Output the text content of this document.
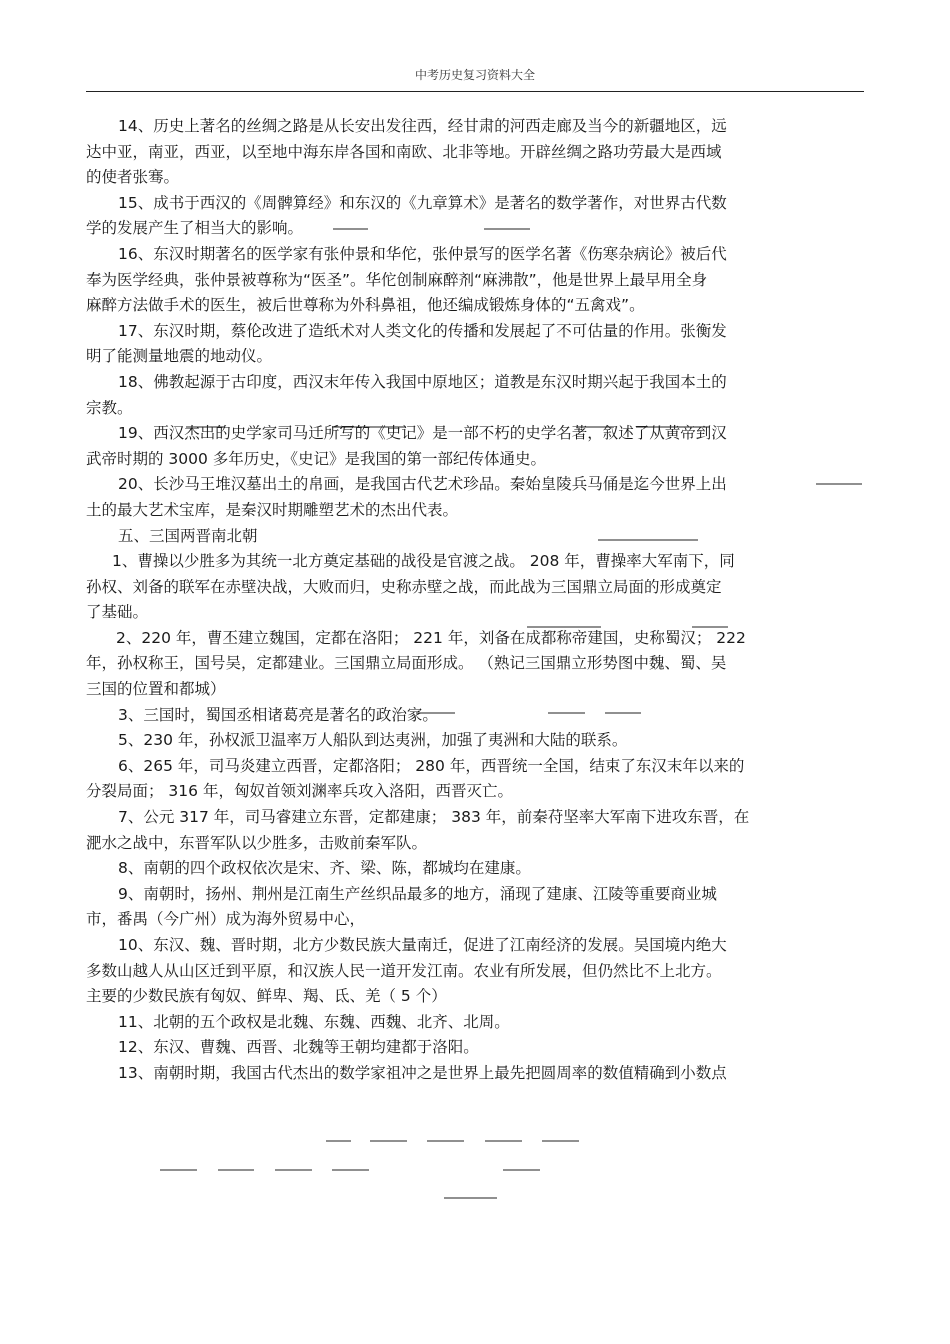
中考历史复习资料大全

14、历史上著名的丝绸之路是从长安出发往西，经甘肃的河西走廊及当今的新疆地区，远

达中亚，南亚，西亚，以至地中海东岸各国和南欧、北非等地。开辟丝绸之路功劳最大是西域

的使者张骞。

15、成书于西汉的《周髀算经》和东汉的《九章算术》是著名的数学著作，对世界古代数

学的发展产生了相当大的影响。

16、东汉时期著名的医学家有张仲景和华佗，张仲景写的医学名著《伤寒杂病论》被后代

奉为医学经典，张仲景被尊称为“医圣”。华佗创制麻醉剂“麻沸散”，他是世界上最早用全身

麻醉方法做手术的医生，被后世尊称为外科鼻祖，他还编成锻炼身体的“五禽戏”。

17、东汉时期，蔡伦改进了造纸术对人类文化的传播和发展起了不可估量的作用。张衡发

明了能测量地震的地动仪。

18、佛教起源于古印度，西汉末年传入我国中原地区；道教是东汉时期兴起于我国本土的

宗教。

19、西汉杰出的史学家司马迁所写的《史记》是一部不朽的史学名著，叙述了从黄帝到汉

武帝时期的 3000 多年历史，《史记》是我国的第一部纪传体通史。

20、长沙马王堆汉墓出土的帛画，是我国古代艺术珍品。秦始皇陵兵马俑是迄今世界上出

土的最大艺术宝库，是秦汉时期雕塑艺术的杰出代表。

五、三国两晋南北朝

1、曹操以少胜多为其统一北方奠定基础的战役是官渡之战。 208 年，曹操率大军南下，同

孙权、刘备的联军在赤壁决战，大败而归，史称赤壁之战，而此战为三国鼎立局面的形成奠定

了基础。

2、220 年，曹丕建立魏国，定都在洛阳； 221 年，刘备在成都称帝建国，史称蜀汉； 222

年，孙权称王，国号吴，定都建业。三国鼎立局面形成。 （熟记三国鼎立形势图中魏、蜀、吴

三国的位置和都城）

3、三国时，蜀国丞相诸葛亮是著名的政治家。

5、230 年，孙权派卫温率万人船队到达夷洲，加强了夷洲和大陆的联系。

6、265 年，司马炎建立西晋，定都洛阳； 280 年，西晋统一全国，结束了东汉末年以来的

分裂局面； 316 年，匈奴首领刘渊率兵攻入洛阳，西晋灭亡。

7、公元 317 年，司马睿建立东晋，定都建康； 383 年，前秦苻坚率大军南下进攻东晋，在

淝水之战中，东晋军队以少胜多，击败前秦军队。

8、南朝的四个政权依次是宋、齐、梁、陈，都城均在建康。

9、南朝时，扬州、荆州是江南生产丝织品最多的地方，涌现了建康、江陵等重要商业城

市，番禺（今广州）成为海外贸易中心，

10、东汉、魏、晋时期，北方少数民族大量南迁，促进了江南经济的发展。吴国境内绝大

多数山越人从山区迁到平原，和汉族人民一道开发江南。农业有所发展，但仍然比不上北方。

主要的少数民族有匈奴、鲜卑、羯、氐、羌（ 5 个）

11、北朝的五个政权是北魏、东魏、西魏、北齐、北周。

12、东汉、曹魏、西晋、北魏等王朝均建都于洛阳。

13、南朝时期，我国古代杰出的数学家祖冲之是世界上最先把圆周率的数值精确到小数点
